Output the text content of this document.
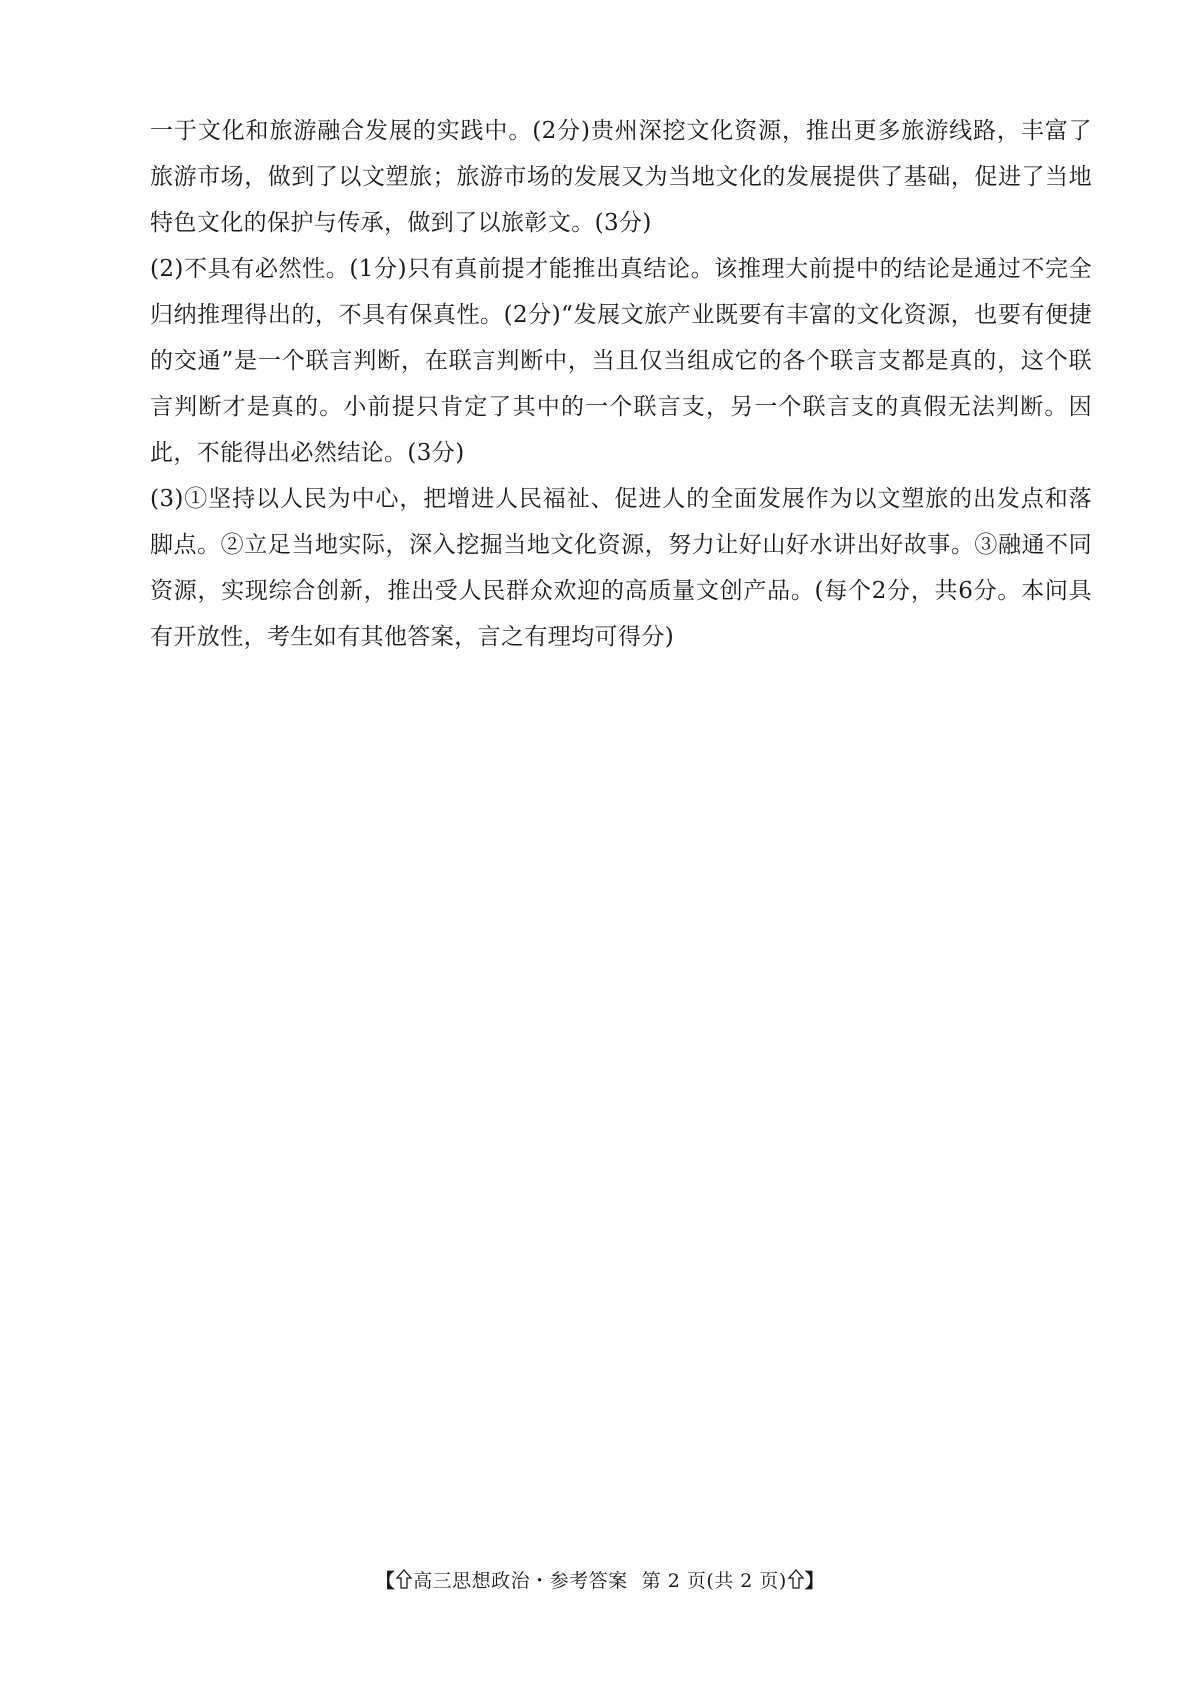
一于文化和旅游融合发展的实践中。(2分)贵州深挖文化资源，推出更多旅游线路，丰富了旅游市场，做到了以文塑旅；旅游市场的发展又为当地文化的发展提供了基础，促进了当地特色文化的保护与传承，做到了以旅彰文。(3分)

(2)不具有必然性。(1分)只有真前提才能推出真结论。该推理大前提中的结论是通过不完全归纳推理得出的，不具有保真性。(2分)“发展文旅产业既要有丰富的文化资源，也要有便捷的交通”是一个联言判断，在联言判断中，当且仅当组成它的各个联言支都是真的，这个联言判断才是真的。小前提只肯定了其中的一个联言支，另一个联言支的真假无法判断。因此，不能得出必然结论。(3分)

(3)①坚持以人民为中心，把增进人民福祉、促进人的全面发展作为以文塑旅的出发点和落脚点。②立足当地实际，深入挖掘当地文化资源，努力让好山好水讲出好故事。③融通不同资源，实现综合创新，推出受人民群众欢迎的高质量文创产品。(每个2分，共6分。本问具有开放性，考生如有其他答案，言之有理均可得分)

【 高三思想政治・参考答案 第 2 页(共 2 页) 】
